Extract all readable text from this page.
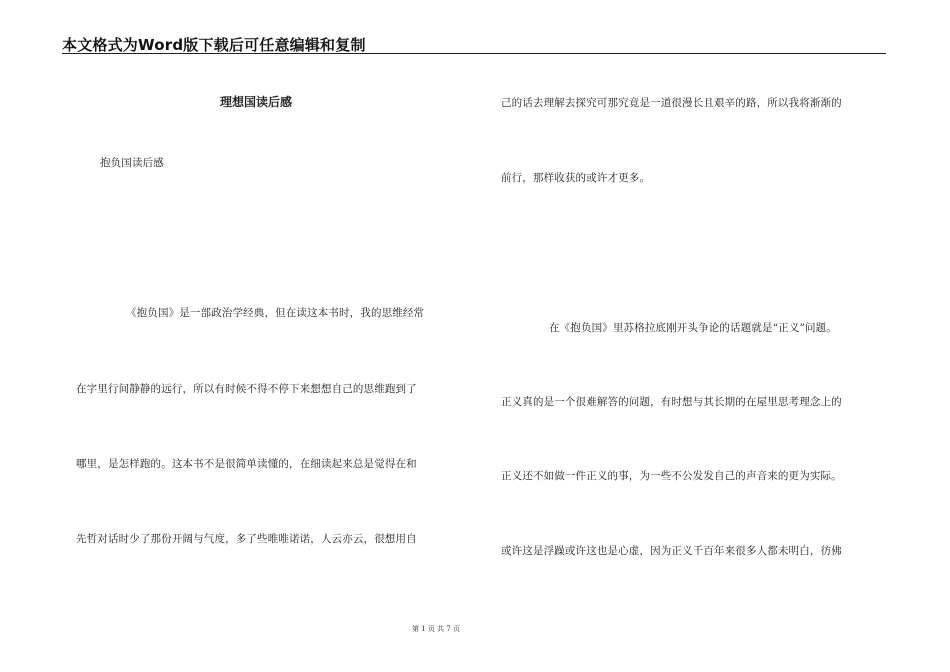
本文格式为Word版下载后可任意编辑和复制
理想国读后感
抱负国读后感
《抱负国》是一部政治学经典，但在读这本书时，我的思维经常
在字里行间静静的远行，所以有时候不得不停下来想想自己的思维跑到了
哪里，是怎样跑的。这本书不是很简单读懂的，在细读起来总是觉得在和
先哲对话时少了那份开阔与气度，多了些唯唯诺诺，人云亦云，很想用自
己的话去理解去探究可那究竟是一道很漫长且艰辛的路，所以我将渐渐的
前行，那样收获的或许才更多。
在《抱负国》里苏格拉底刚开头争论的话题就是“正义”问题。
正义真的是一个很难解答的问题，有时想与其长期的在屋里思考理念上的
正义还不如做一件正义的事，为一些不公发发自己的声音来的更为实际。
或许这是浮躁或许这也是心虚，因为正义千百年来很多人都未明白，彷佛
第 1 页 共 7 页
